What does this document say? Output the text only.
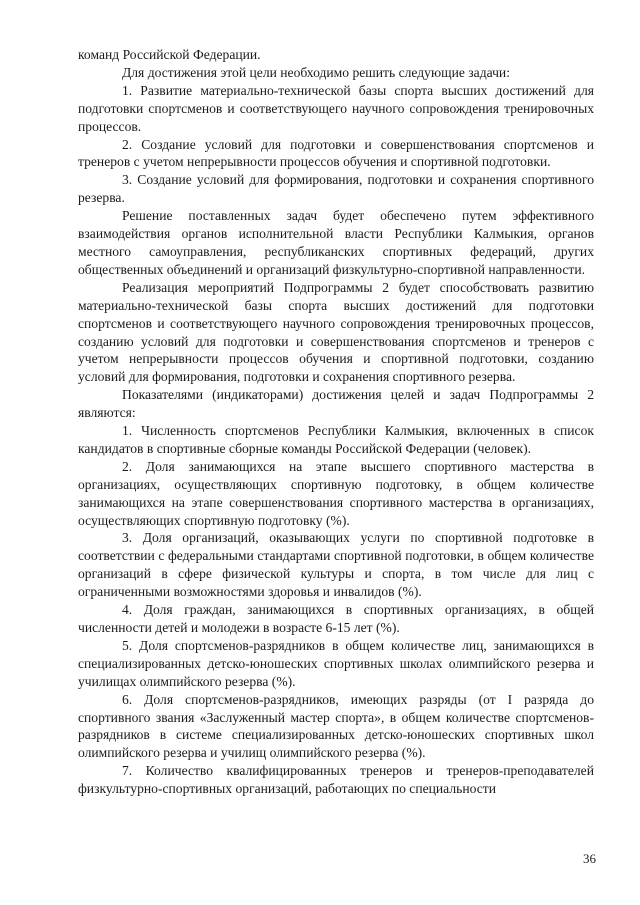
команд Российской Федерации.

Для достижения этой цели необходимо решить следующие задачи:

1. Развитие материально-технической базы спорта высших достижений для подготовки спортсменов и соответствующего научного сопровождения тренировочных процессов.

2. Создание условий для подготовки и совершенствования спортсменов и тренеров с учетом непрерывности процессов обучения и спортивной подготовки.

3. Создание условий для формирования, подготовки и сохранения спортивного резерва.

Решение поставленных задач будет обеспечено путем эффективного взаимодействия органов исполнительной власти Республики Калмыкия, органов местного самоуправления, республиканских спортивных федераций, других общественных объединений и организаций физкультурно-спортивной направленности.

Реализация мероприятий Подпрограммы 2 будет способствовать развитию материально-технической базы спорта высших достижений для подготовки спортсменов и соответствующего научного сопровождения тренировочных процессов, созданию условий для подготовки и совершенствования спортсменов и тренеров с учетом непрерывности процессов обучения и спортивной подготовки, созданию условий для формирования, подготовки и сохранения спортивного резерва.

Показателями (индикаторами) достижения целей и задач Подпрограммы 2 являются:

1. Численность спортсменов Республики Калмыкия, включенных в список кандидатов в спортивные сборные команды Российской Федерации (человек).

2. Доля занимающихся на этапе высшего спортивного мастерства в организациях, осуществляющих спортивную подготовку, в общем количестве занимающихся на этапе совершенствования спортивного мастерства в организациях, осуществляющих спортивную подготовку (%).

3. Доля организаций, оказывающих услуги по спортивной подготовке в соответствии с федеральными стандартами спортивной подготовки, в общем количестве организаций в сфере физической культуры и спорта, в том числе для лиц с ограниченными возможностями здоровья и инвалидов (%).

4. Доля граждан, занимающихся в спортивных организациях, в общей численности детей и молодежи в возрасте 6-15 лет (%).

5. Доля спортсменов-разрядников в общем количестве лиц, занимающихся в специализированных детско-юношеских спортивных школах олимпийского резерва и училищах олимпийского резерва (%).

6. Доля спортсменов-разрядников, имеющих разряды (от I разряда до спортивного звания «Заслуженный мастер спорта», в общем количестве спортсменов-разрядников в системе специализированных детско-юношеских спортивных школ олимпийского резерва и училищ олимпийского резерва (%).

7. Количество квалифицированных тренеров и тренеров-преподавателей физкультурно-спортивных организаций, работающих по специальности

36
